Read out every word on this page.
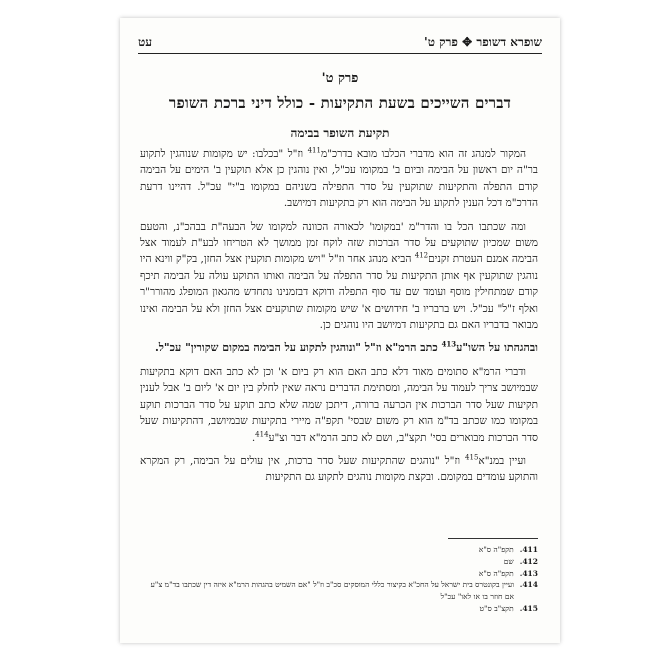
שופרא דשופר ✥ פרק ט'
עט
פרק ט'
דברים השייכים בשעת התקיעות - כולל דיני ברכת השופר
תקיעת השופר בבימה

המקור למנהג זה הוא מדברי הכלבו מובא בדרכ"מ$^{411}$ וז"ל "בכלבו: יש מקומות שנוהגין לתקוע בר"ה יום ראשון על הבימה וביום ב' במקומו עכ"ל, ואין נוהגין כן אלא תוקעין ב' הימים על הבימה קודם התפלה והתקיעות שתוקעין על סדר התפילה בשניהם במקומו ב"י" עכ"ל. דהיינו דרעת הדרכ"מ דכל הענין לתקוע על הבימה הוא רק בתקיעות דמיושב.

ומה שכתבו הכל בו והדר"מ 'במקומו' לכאורה הכוונה למקומו של הבעה"ת בבהכ"נ, והטעם משום שמכיון שתוקעים על סדר הברכות שזה לוקח זמן ממושך לא הטריחו לבע"ת לעמוד אצל הבימה אמנם העטרת זקנים$^{412}$ הביא מנהג אחר וז"ל "ויש מקומות תוקעין אצל החזן, בק"ק ווינא היו נוהגין שתוקעין אף אותן התקיעות על סדר התפלה על הבימה ואותו התוקע עולה על הבימה תיכף קודם שמתחילין מוסף ועומד שם עד סוף התפלה ודוקא דבזמנינו נתחדש מהגאון המופלג מהורר"ר ואלף ז"ל" עכ"ל. ויש ברבריו ב' חידושים א' שיש מקומות שתוקעים אצל החזן ולא על הבימה ואינו מבואר בדבריו האם גם בתקיעות דמיושב היו נוהגים כן.

ובהגהתו על השו"ע$^{413}$ כתב הרמ"א וז"ל "ונוהגין לתקוע על הבימה במקום שקורין" עכ"ל.

ודברי הרמ"א סתומים מאוד דלא כתב האם הוא רק ביום א' וכן לא כתב האם דוקא בתקיעות שבמיושב צריך לעמוד על הבימה, ומסתימת הדברים נראה שאין לחלק בין יום א' ליום ב' אבל לענין תקיעות שעל סדר הברכות אין הכרעה ברורה, דיתכן שמה שלא כתב תוקע על סדר הברכות תוקע במקומו כמו שכתב בד"מ הוא רק משום שבסי' תקפ"ה מיירי בתקיעות שבמיושב, דהתקיעות שעל סדר הברכות מבוארים בסי' תקצ"ב, ושם לא כתב הרמ"א דבר וצ"ע$^{414}$.

ועיין במנ"א$^{415}$ וז"ל "נוהגים שהתקיעות שעל סדר ברכות, אין עולים על הבימה, רק המקרא והתוקע עומדים במקומם. ובקצת מקומות נוהגים לתקוע גם התקיעות

411.
תקפ"ה ס"א
412.
שם
413.
תקפ"ה ס"א
414.
ועיין בקונטרס בית ישראל על החכ"א בקיצור כללי המוסקים סכ"ב וז"ל "אם השמיט בהגהות הרמ"א איזה דין שכתבו בד"מ צ"ע אם חוזר בו או לאו" עכ"ל
415.
תקצ"ב ס"ט
